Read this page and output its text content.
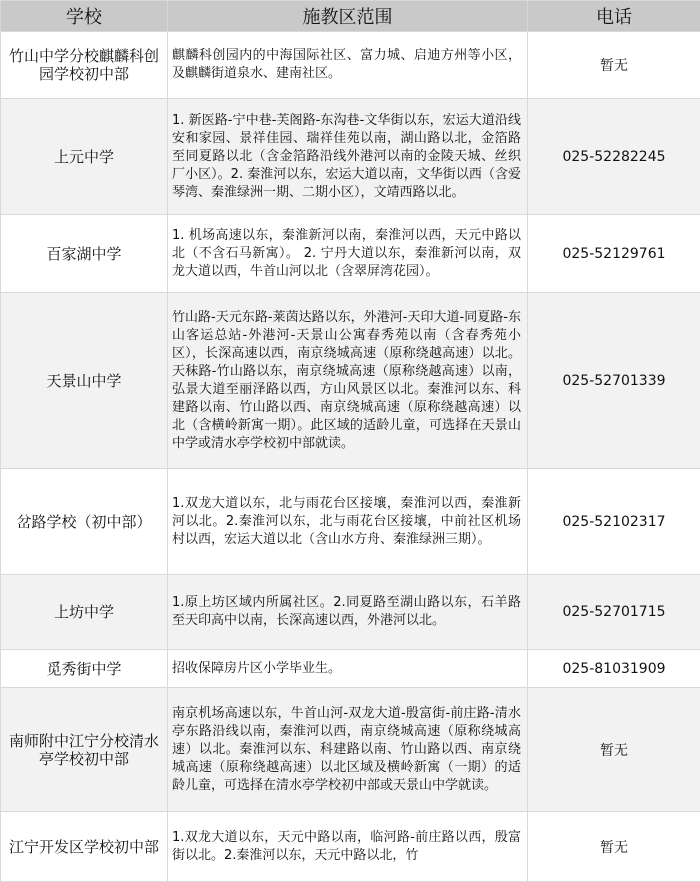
学校	施教区范围	电话
竹山中学分校麒麟科创园学校初中部	麒麟科创园内的中海国际社区、富力城、启迪方州等小区，及麒麟街道泉水、建南社区。	暂无
上元中学	1. 新医路-宁中巷-芙阁路-东沟巷-文华街以东，宏运大道沿线安和家园、景祥佳园、瑞祥佳苑以南，湖山路以北，金箔路至同夏路以北（含金箔路沿线外港河以南的金陵天城、丝织厂小区）。2. 秦淮河以东，宏运大道以南，文华街以西（含爱琴湾、秦淮绿洲一期、二期小区），文靖西路以北。	025-52282245
百家湖中学	1. 机场高速以东，秦淮新河以南，秦淮河以西，天元中路以北（不含石马新寓）。 2. 宁丹大道以东，秦淮新河以南，双龙大道以西，牛首山河以北（含翠屏湾花园）。	025-52129761
天景山中学	竹山路-天元东路-莱茵达路以东，外港河-天印大道-同夏路-东山客运总站-外港河-天景山公寓春秀苑以南（含春秀苑小区），长深高速以西，南京绕城高速（原称绕越高速）以北。 天秣路-竹山路以东，南京绕城高速（原称绕越高速）以南，弘景大道至丽泽路以西，方山风景区以北。秦淮河以东、科建路以南、竹山路以西、南京绕城高速（原称绕越高速）以北（含横岭新寓一期）。此区域的适龄儿童，可选择在天景山中学或清水亭学校初中部就读。	025-52701339
岔路学校（初中部）	1.双龙大道以东，北与雨花台区接壤，秦淮河以西，秦淮新河以北。2.秦淮河以东，北与雨花台区接壤，中前社区机场村以西，宏运大道以北（含山水方舟、秦淮绿洲三期）。	025-52102317
上坊中学	1.原上坊区域内所属社区。2.同夏路至湖山路以东，石羊路至天印高中以南，长深高速以西，外港河以北。	025-52701715
觅秀街中学	招收保障房片区小学毕业生。	025-81031909
南师附中江宁分校清水亭学校初中部	南京机场高速以东，牛首山河-双龙大道-殷富街-前庄路-清水亭东路沿线以南，秦淮河以西，南京绕城高速（原称绕城高速）以北。秦淮河以东、科建路以南、竹山路以西、南京绕城高速（原称绕越高速）以北区域及横岭新寓（一期）的适龄儿童，可选择在清水亭学校初中部或天景山中学就读。	暂无
江宁开发区学校初中部	1.双龙大道以东，天元中路以南，临河路-前庄路以西，殷富街以北。2.秦淮河以东，天元中路以北，竹	暂无
